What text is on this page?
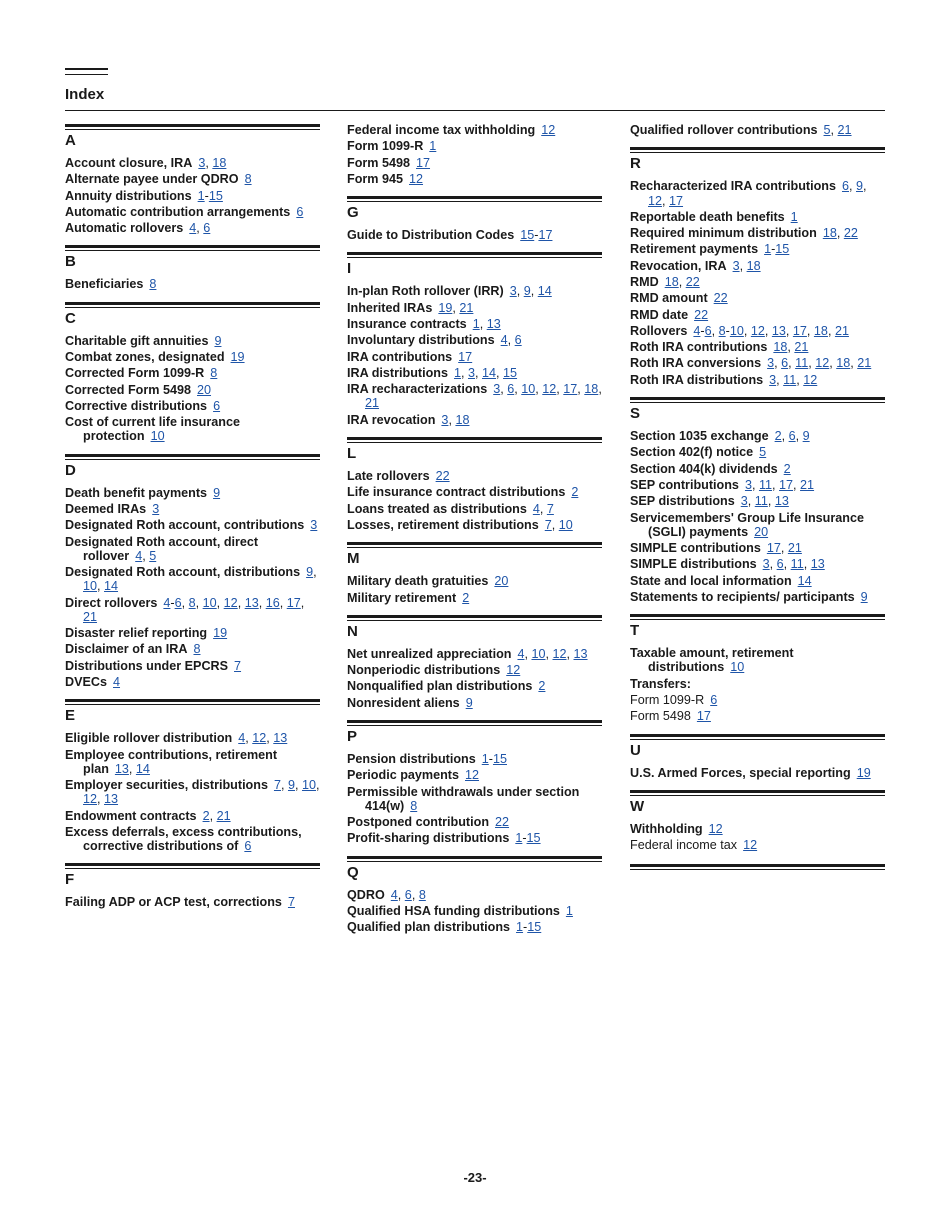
Index
A
Account closure, IRA 3, 18
Alternate payee under QDRO 8
Annuity distributions 1-15
Automatic contribution arrangements 6
Automatic rollovers 4, 6
B
Beneficiaries 8
C
Charitable gift annuities 9
Combat zones, designated 19
Corrected Form 1099-R 8
Corrected Form 5498 20
Corrective distributions 6
Cost of current life insurance protection 10
D
Death benefit payments 9
Deemed IRAs 3
Designated Roth account, contributions 3
Designated Roth account, direct rollover 4, 5
Designated Roth account, distributions 9, 10, 14
Direct rollovers 4-6, 8, 10, 12, 13, 16, 17, 21
Disaster relief reporting 19
Disclaimer of an IRA 8
Distributions under EPCRS 7
DVECs 4
E
Eligible rollover distribution 4, 12, 13
Employee contributions, retirement plan 13, 14
Employer securities, distributions 7, 9, 10, 12, 13
Endowment contracts 2, 21
Excess deferrals, excess contributions, corrective distributions of 6
F
Failing ADP or ACP test, corrections 7
Federal income tax withholding 12
Form 1099-R 1
Form 5498 17
Form 945 12
G
Guide to Distribution Codes 15-17
I
In-plan Roth rollover (IRR) 3, 9, 14
Inherited IRAs 19, 21
Insurance contracts 1, 13
Involuntary distributions 4, 6
IRA contributions 17
IRA distributions 1, 3, 14, 15
IRA recharacterizations 3, 6, 10, 12, 17, 18, 21
IRA revocation 3, 18
L
Late rollovers 22
Life insurance contract distributions 2
Loans treated as distributions 4, 7
Losses, retirement distributions 7, 10
M
Military death gratuities 20
Military retirement 2
N
Net unrealized appreciation 4, 10, 12, 13
Nonperiodic distributions 12
Nonqualified plan distributions 2
Nonresident aliens 9
P
Pension distributions 1-15
Periodic payments 12
Permissible withdrawals under section 414(w) 8
Postponed contribution 22
Profit-sharing distributions 1-15
Q
QDRO 4, 6, 8
Qualified HSA funding distributions 1
Qualified plan distributions 1-15
Qualified rollover contributions 5, 21
R
Recharacterized IRA contributions 6, 9, 12, 17
Reportable death benefits 1
Required minimum distribution 18, 22
Retirement payments 1-15
Revocation, IRA 3, 18
RMD 18, 22
RMD amount 22
RMD date 22
Rollovers 4-6, 8-10, 12, 13, 17, 18, 21
Roth IRA contributions 18, 21
Roth IRA conversions 3, 6, 11, 12, 18, 21
Roth IRA distributions 3, 11, 12
S
Section 1035 exchange 2, 6, 9
Section 402(f) notice 5
Section 404(k) dividends 2
SEP contributions 3, 11, 17, 21
SEP distributions 3, 11, 13
Servicemembers' Group Life Insurance (SGLI) payments 20
SIMPLE contributions 17, 21
SIMPLE distributions 3, 6, 11, 13
State and local information 14
Statements to recipients/ participants 9
T
Taxable amount, retirement distributions 10
Transfers:
Form 1099-R 6
Form 5498 17
U
U.S. Armed Forces, special reporting 19
W
Withholding 12
Federal income tax 12
-23-
